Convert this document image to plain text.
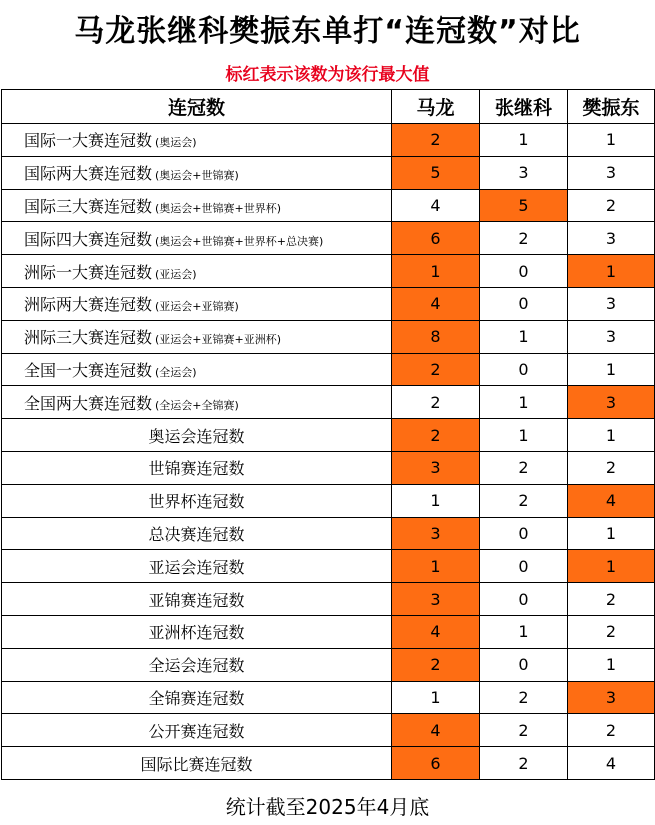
马龙张继科樊振东单打“连冠数”对比
标红表示该数为该行最大值
连冠数	马龙	张继科	樊振东
国际一大赛连冠数 (奥运会)	2	1	1
国际两大赛连冠数 (奥运会+世锦赛)	5	3	3
国际三大赛连冠数 (奥运会+世锦赛+世界杯)	4	5	2
国际四大赛连冠数 (奥运会+世锦赛+世界杯+总决赛)	6	2	3
洲际一大赛连冠数 (亚运会)	1	0	1
洲际两大赛连冠数 (亚运会+亚锦赛)	4	0	3
洲际三大赛连冠数 (亚运会+亚锦赛+亚洲杯)	8	1	3
全国一大赛连冠数 (全运会)	2	0	1
全国两大赛连冠数 (全运会+全锦赛)	2	1	3
奥运会连冠数	2	1	1
世锦赛连冠数	3	2	2
世界杯连冠数	1	2	4
总决赛连冠数	3	0	1
亚运会连冠数	1	0	1
亚锦赛连冠数	3	0	2
亚洲杯连冠数	4	1	2
全运会连冠数	2	0	1
全锦赛连冠数	1	2	3
公开赛连冠数	4	2	2
国际比赛连冠数	6	2	4
统计截至2025年4月底
